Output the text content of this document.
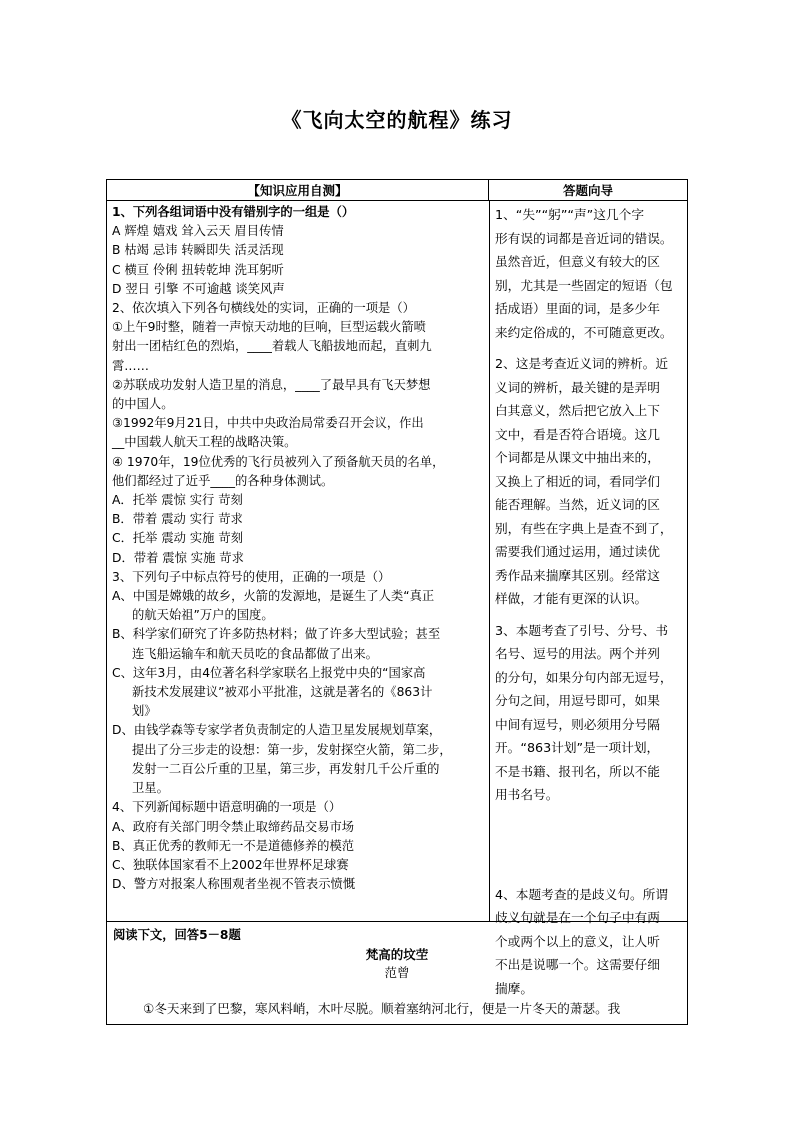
《飞向太空的航程》练习
【知识应用自测】	答题向导
1、下列各组词语中没有错别字的一组是（）
A 辉煌 嬉戏 耸入云天 眉目传情
B 枯竭 忌讳 转瞬即失 活灵活现
C 横亘 伶俐 扭转乾坤 洗耳躬听
D 翌日 引擎 不可逾越 谈笑风声
2、依次填入下列各句横线处的实词，正确的一项是（）
①上午9时整，随着一声惊天动地的巨响，巨型运载火箭喷
射出一团桔红色的烈焰，____着载人飞船拔地而起，直刺九
霄……
②苏联成功发射人造卫星的消息，____了最早具有飞天梦想
的中国人。
③1992年9月21日，中共中央政治局常委召开会议，作出
__中国载人航天工程的战略决策。
④ 1970年，19位优秀的飞行员被列入了预备航天员的名单，
他们都经过了近乎____的各种身体测试。
A．托举 震惊 实行 苛刻
B．带着 震动 实行 苛求
C．托举 震动 实施 苛刻
D．带着 震惊 实施 苛求
3、下列句子中标点符号的使用，正确的一项是（）
A、中国是嫦娥的故乡，火箭的发源地，是诞生了人类“真正
的航天始祖”万户的国度。
B、科学家们研究了许多防热材料；做了许多大型试验；甚至
连飞船运输车和航天员吃的食品都做了出来。
C、这年3月，由4位著名科学家联名上报党中央的“国家高
新技术发展建议”被邓小平批准，这就是著名的《863计
划》
D、由钱学森等专家学者负责制定的人造卫星发展规划草案，
提出了分三步走的设想：第一步，发射探空火箭，第二步，
发射一二百公斤重的卫星，第三步，再发射几千公斤重的
卫星。
4、下列新闻标题中语意明确的一项是（）
A、政府有关部门明令禁止取缔药品交易市场
B、真正优秀的教师无一不是道德修养的模范
C、独联体国家看不上2002年世界杯足球赛
D、警方对报案人称围观者坐视不管表示愤慨

1、“失”“躬”“声”这几个字
形有误的词都是音近词的错误。
虽然音近，但意义有较大的区
别，尤其是一些固定的短语（包
括成语）里面的词，是多少年
来约定俗成的，不可随意更改。

2、这是考查近义词的辨析。近
义词的辨析，最关键的是弄明
白其意义，然后把它放入上下
文中，看是否符合语境。这几
个词都是从课文中抽出来的，
又换上了相近的词，看同学们
能否理解。当然，近义词的区
别，有些在字典上是查不到了，
需要我们通过运用，通过读优
秀作品来揣摩其区别。经常这
样做，才能有更深的认识。

3、本题考查了引号、分号、书
名号、逗号的用法。两个并列
的分句，如果分句内部无逗号，
分句之间，用逗号即可，如果
中间有逗号，则必须用分号隔
开。“863计划”是一项计划，
不是书籍、报刊名，所以不能
用书名号。

4、本题考查的是歧义句。所谓
歧义句就是在一个句子中有两
个或两个以上的意义，让人听
不出是说哪一个。这需要仔细
揣摩。

阅读下文，回答5－8题
梵高的坟茔
范曾
①冬天来到了巴黎，寒风料峭，木叶尽脱。顺着塞纳河北行，便是一片冬天的萧瑟。我
